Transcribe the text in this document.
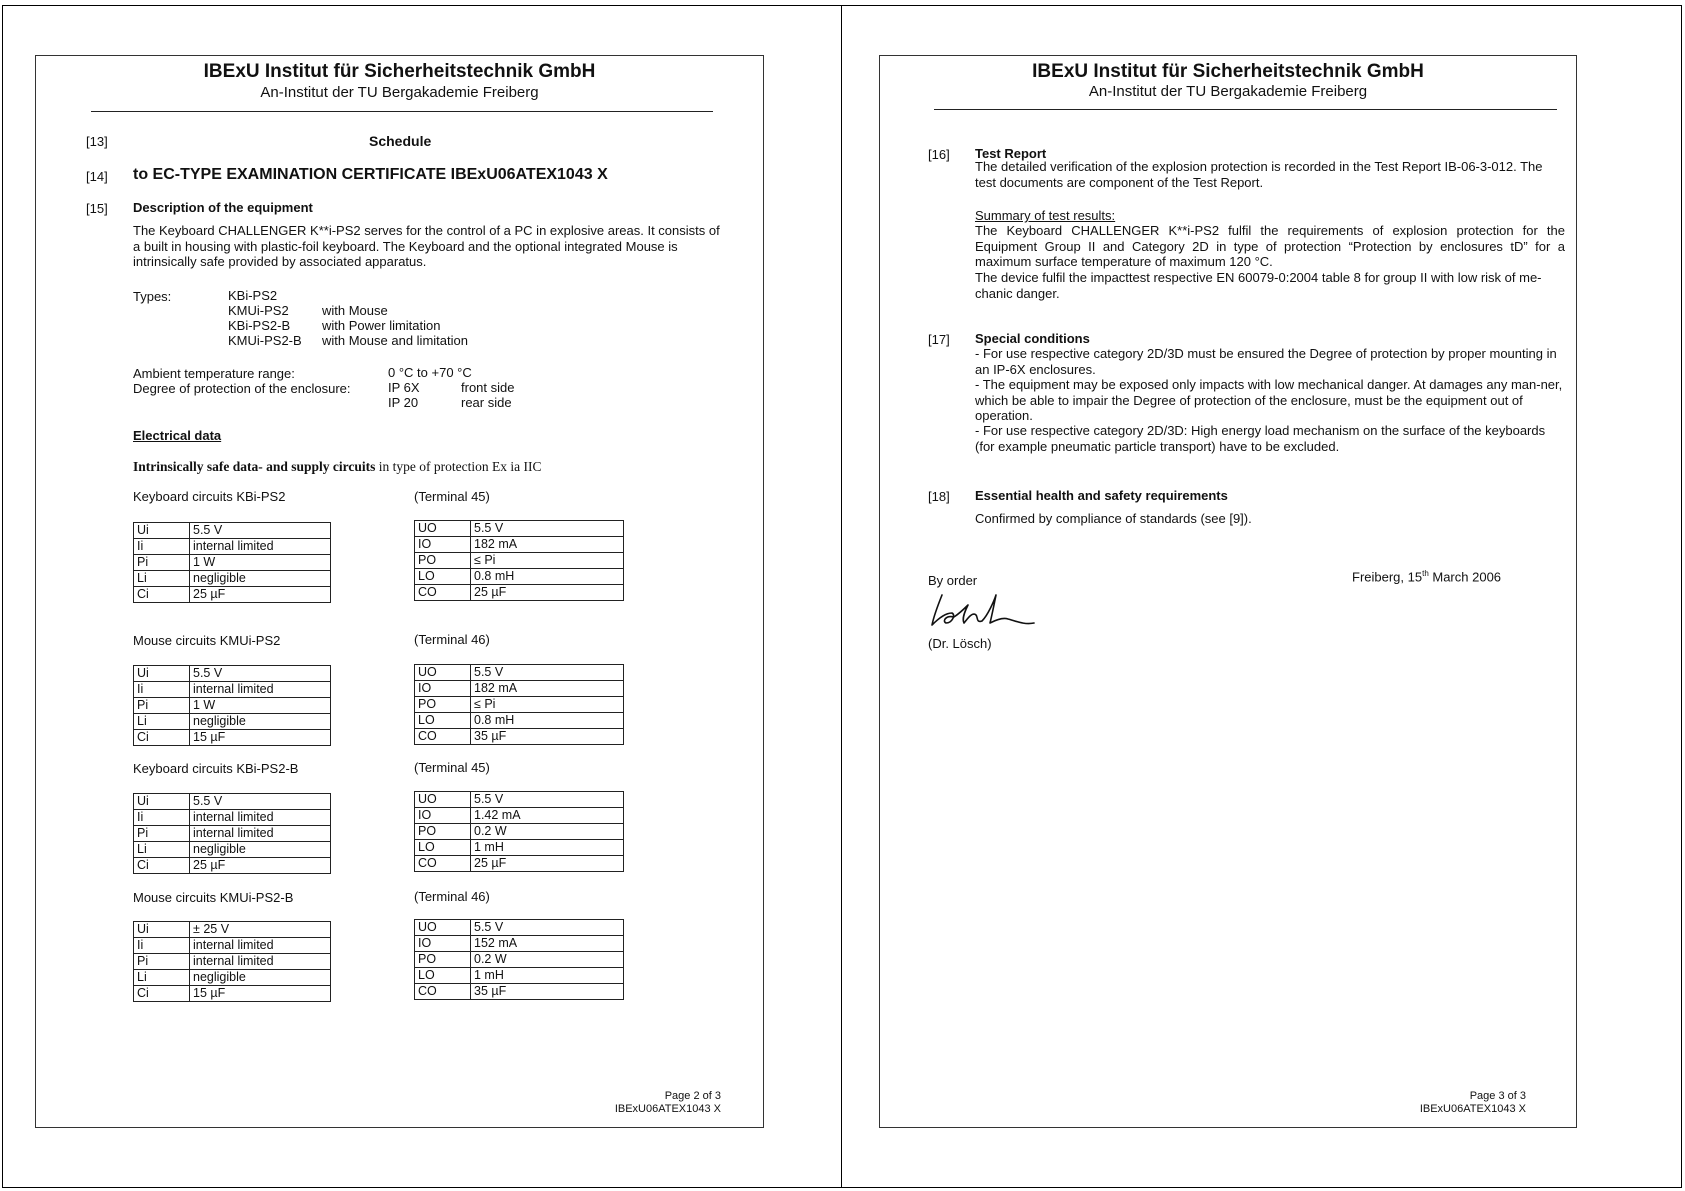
IBExU Institut für Sicherheitstechnik GmbH
An-Institut der TU Bergakademie Freiberg
[13]	Schedule
[14] to EC-TYPE EXAMINATION CERTIFICATE IBExU06ATEX1043 X
[15] Description of the equipment
The Keyboard CHALLENGER K**i-PS2 serves for the control of a PC in explosive areas. It consists of a built in housing with plastic-foil keyboard. The Keyboard and the optional integrated Mouse is intrinsically safe provided by associated apparatus.
Types:	KBi-PS2
KMUi-PS2	with Mouse
KBi-PS2-B with Power limitation
KMUi-PS2-B with Mouse and limitation
Ambient temperature range:	0 °C to +70 °C
Degree of protection of the enclosure:	IP 6X	front side
IP 20	rear side
Electrical data
Intrinsically safe data- and supply circuits in type of protection Ex ia IIC
Keyboard circuits KBi-PS2	(Terminal 45)
Ui	5.5 V
Ii	internal limited
Pi	1 W
Li	negligible
Ci	25 µF
UO	5.5 V
IO	182 mA
PO	≤ Pi
LO	0.8 mH
CO	25 µF
Mouse circuits KMUi-PS2	(Terminal 46)
Ui	5.5 V
Ii	internal limited
Pi	1 W
Li	negligible
Ci	15 µF
UO	5.5 V
IO	182 mA
PO	≤ Pi
LO	0.8 mH
CO	35 µF
Keyboard circuits KBi-PS2-B	(Terminal 45)
Ui	5.5 V
Ii	internal limited
Pi	internal limited
Li	negligible
Ci	25 µF
UO	5.5 V
IO	1.42 mA
PO	0.2 W
LO	1 mH
CO	25 µF
Mouse circuits KMUi-PS2-B	(Terminal 46)
Ui	± 25 V
Ii	internal limited
Pi	internal limited
Li	negligible
Ci	15 µF
UO	5.5 V
IO	152 mA
PO	0.2 W
LO	1 mH
CO	35 µF
Page 2 of 3
IBExU06ATEX1043 X
IBExU Institut für Sicherheitstechnik GmbH
An-Institut der TU Bergakademie Freiberg
[16] Test Report
The detailed verification of the explosion protection is recorded in the Test Report IB-06-3-012. The test documents are component of the Test Report.
Summary of test results:
The Keyboard CHALLENGER K**i-PS2 fulfil the requirements of explosion protection for the Equipment Group II and Category 2D in type of protection “Protection by enclosures tD” for a maximum surface temperature of maximum 120 °C.
The device fulfil the impacttest respective EN 60079-0:2004 table 8 for group II with low risk of me-chanic danger.
[17] Special conditions
- For use respective category 2D/3D must be ensured the Degree of protection by proper mounting in an IP-6X enclosures.
- The equipment may be exposed only impacts with low mechanical danger. At damages any man-ner, which be able to impair the Degree of protection of the enclosure, must be the equipment out of operation.
- For use respective category 2D/3D: High energy load mechanism on the surface of the keyboards (for example pneumatic particle transport) have to be excluded.
[18] Essential health and safety requirements
Confirmed by compliance of standards (see [9]).
By order
(Dr. Lösch)
Freiberg, 15th March 2006
Page 3 of 3
IBExU06ATEX1043 X
